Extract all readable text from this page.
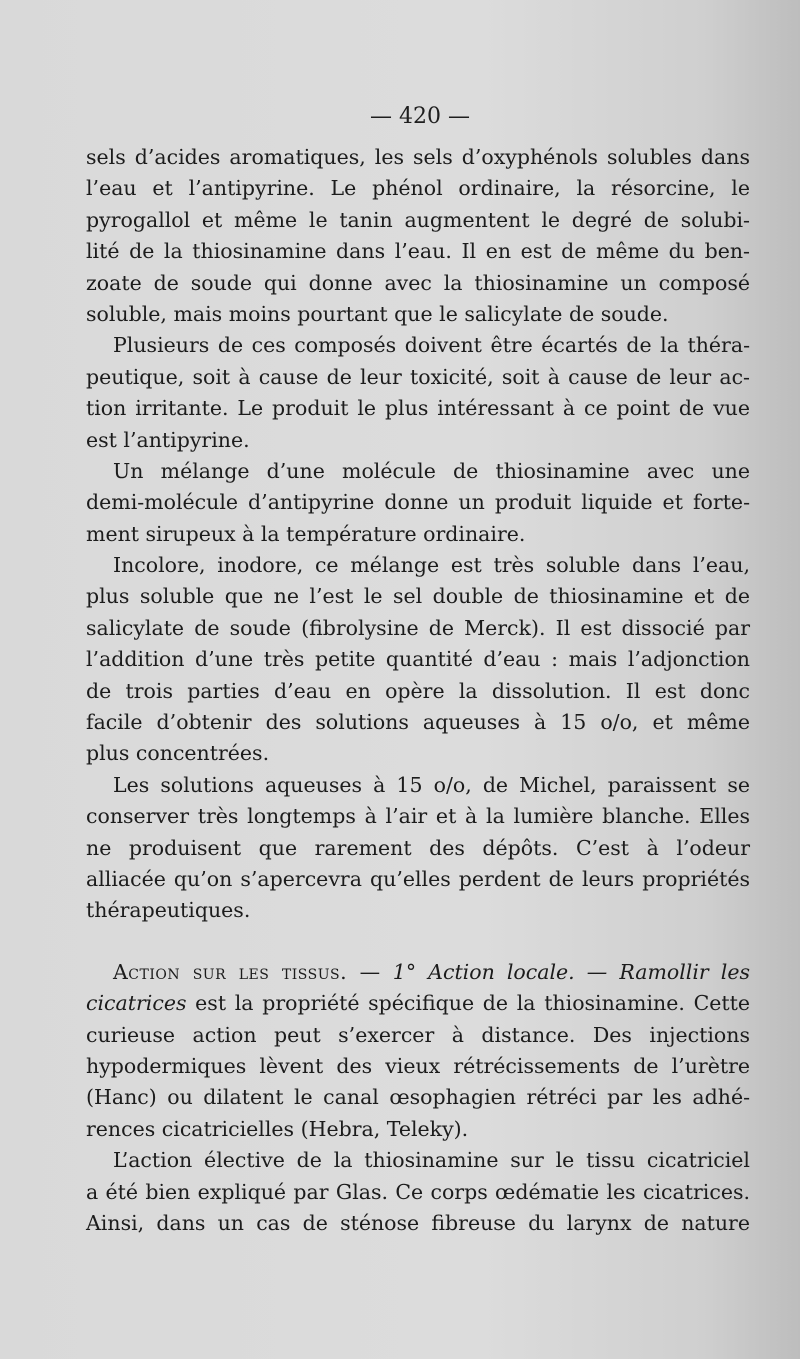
— 420 —
sels d’acides aromatiques, les sels d’oxyphénols solubles dans
l’eau et l’antipyrine. Le phénol ordinaire, la résorcine, le
pyrogallol et même le tanin augmentent le degré de solubi-
lité de la thiosinamine dans l’eau. Il en est de même du ben-
zoate de soude qui donne avec la thiosinamine un composé
soluble, mais moins pourtant que le salicylate de soude.
Plusieurs de ces composés doivent être écartés de la théra-
peutique, soit à cause de leur toxicité, soit à cause de leur ac-
tion irritante. Le produit le plus intéressant à ce point de vue
est l’antipyrine.
Un mélange d’une molécule de thiosinamine avec une
demi-molécule d’antipyrine donne un produit liquide et forte-
ment sirupeux à la température ordinaire.
Incolore, inodore, ce mélange est très soluble dans l’eau,
plus soluble que ne l’est le sel double de thiosinamine et de
salicylate de soude (fibrolysine de Merck). Il est dissocié par
l’addition d’une très petite quantité d’eau : mais l’adjonction
de trois parties d’eau en opère la dissolution. Il est donc
facile d’obtenir des solutions aqueuses à 15 o/o, et même
plus concentrées.
Les solutions aqueuses à 15 o/o, de Michel, paraissent se
conserver très longtemps à l’air et à la lumière blanche. Elles
ne produisent que rarement des dépôts. C’est à l’odeur
alliacée qu’on s’apercevra qu’elles perdent de leurs propriétés
thérapeutiques.
Action sur les tissus. — 1° Action locale. — Ramollir les
cicatrices est la propriété spécifique de la thiosinamine. Cette
curieuse action peut s’exercer à distance. Des injections
hypodermiques lèvent des vieux rétrécissements de l’urètre
(Hanc) ou dilatent le canal œsophagien rétréci par les adhé-
rences cicatricielles (Hebra, Teleky).
L’action élective de la thiosinamine sur le tissu cicatriciel
a été bien expliqué par Glas. Ce corps œdématie les cicatrices.
Ainsi, dans un cas de sténose fibreuse du larynx de nature
